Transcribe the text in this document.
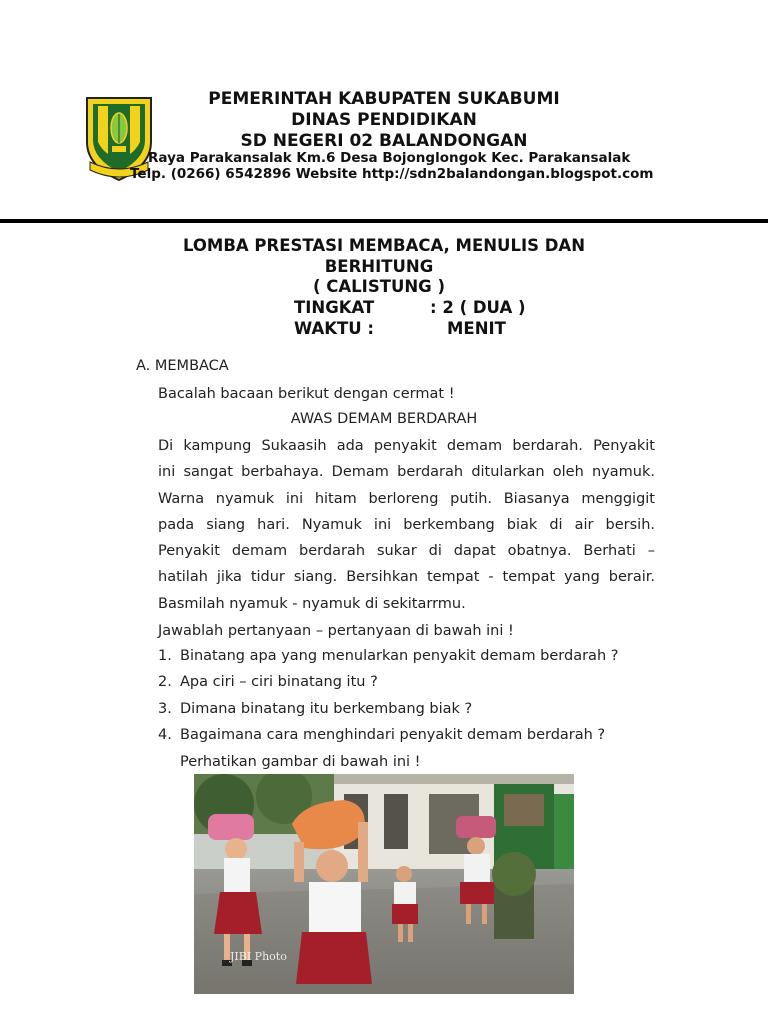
PEMERINTAH KABUPATEN SUKABUMI
DINAS PENDIDIKAN
SD NEGERI 02 BALANDONGAN
Raya Parakansalak Km.6 Desa Bojonglongok Kec. Parakansalak
Telp. (0266) 6542896 Website http://sdn2balandongan.blogspot.com
LOMBA PRESTASI MEMBACA, MENULIS DAN
BERHITUNG
( CALISTUNG )
TINGKAT	: 2 ( DUA )
WAKTU :	MENIT
A. MEMBACA
Bacalah bacaan berikut dengan cermat !
AWAS DEMAM BERDARAH
Di kampung Sukaasih ada penyakit demam berdarah. Penyakit
ini sangat berbahaya. Demam berdarah ditularkan oleh nyamuk.
Warna nyamuk ini hitam berloreng putih. Biasanya menggigit
pada siang hari. Nyamuk ini berkembang biak di air bersih.
Penyakit demam berdarah sukar di dapat obatnya. Berhati –
hatilah jika tidur siang. Bersihkan tempat - tempat yang berair.
Basmilah nyamuk - nyamuk di sekitarrmu.
Jawablah pertanyaan – pertanyaan di bawah ini !
1. Binatang apa yang menularkan penyakit demam berdarah ?
2. Apa ciri – ciri binatang itu ?
3. Dimana binatang itu berkembang biak ?
4. Bagaimana cara menghindari penyakit demam berdarah ?
Perhatikan gambar di bawah ini !
JIBI Photo
